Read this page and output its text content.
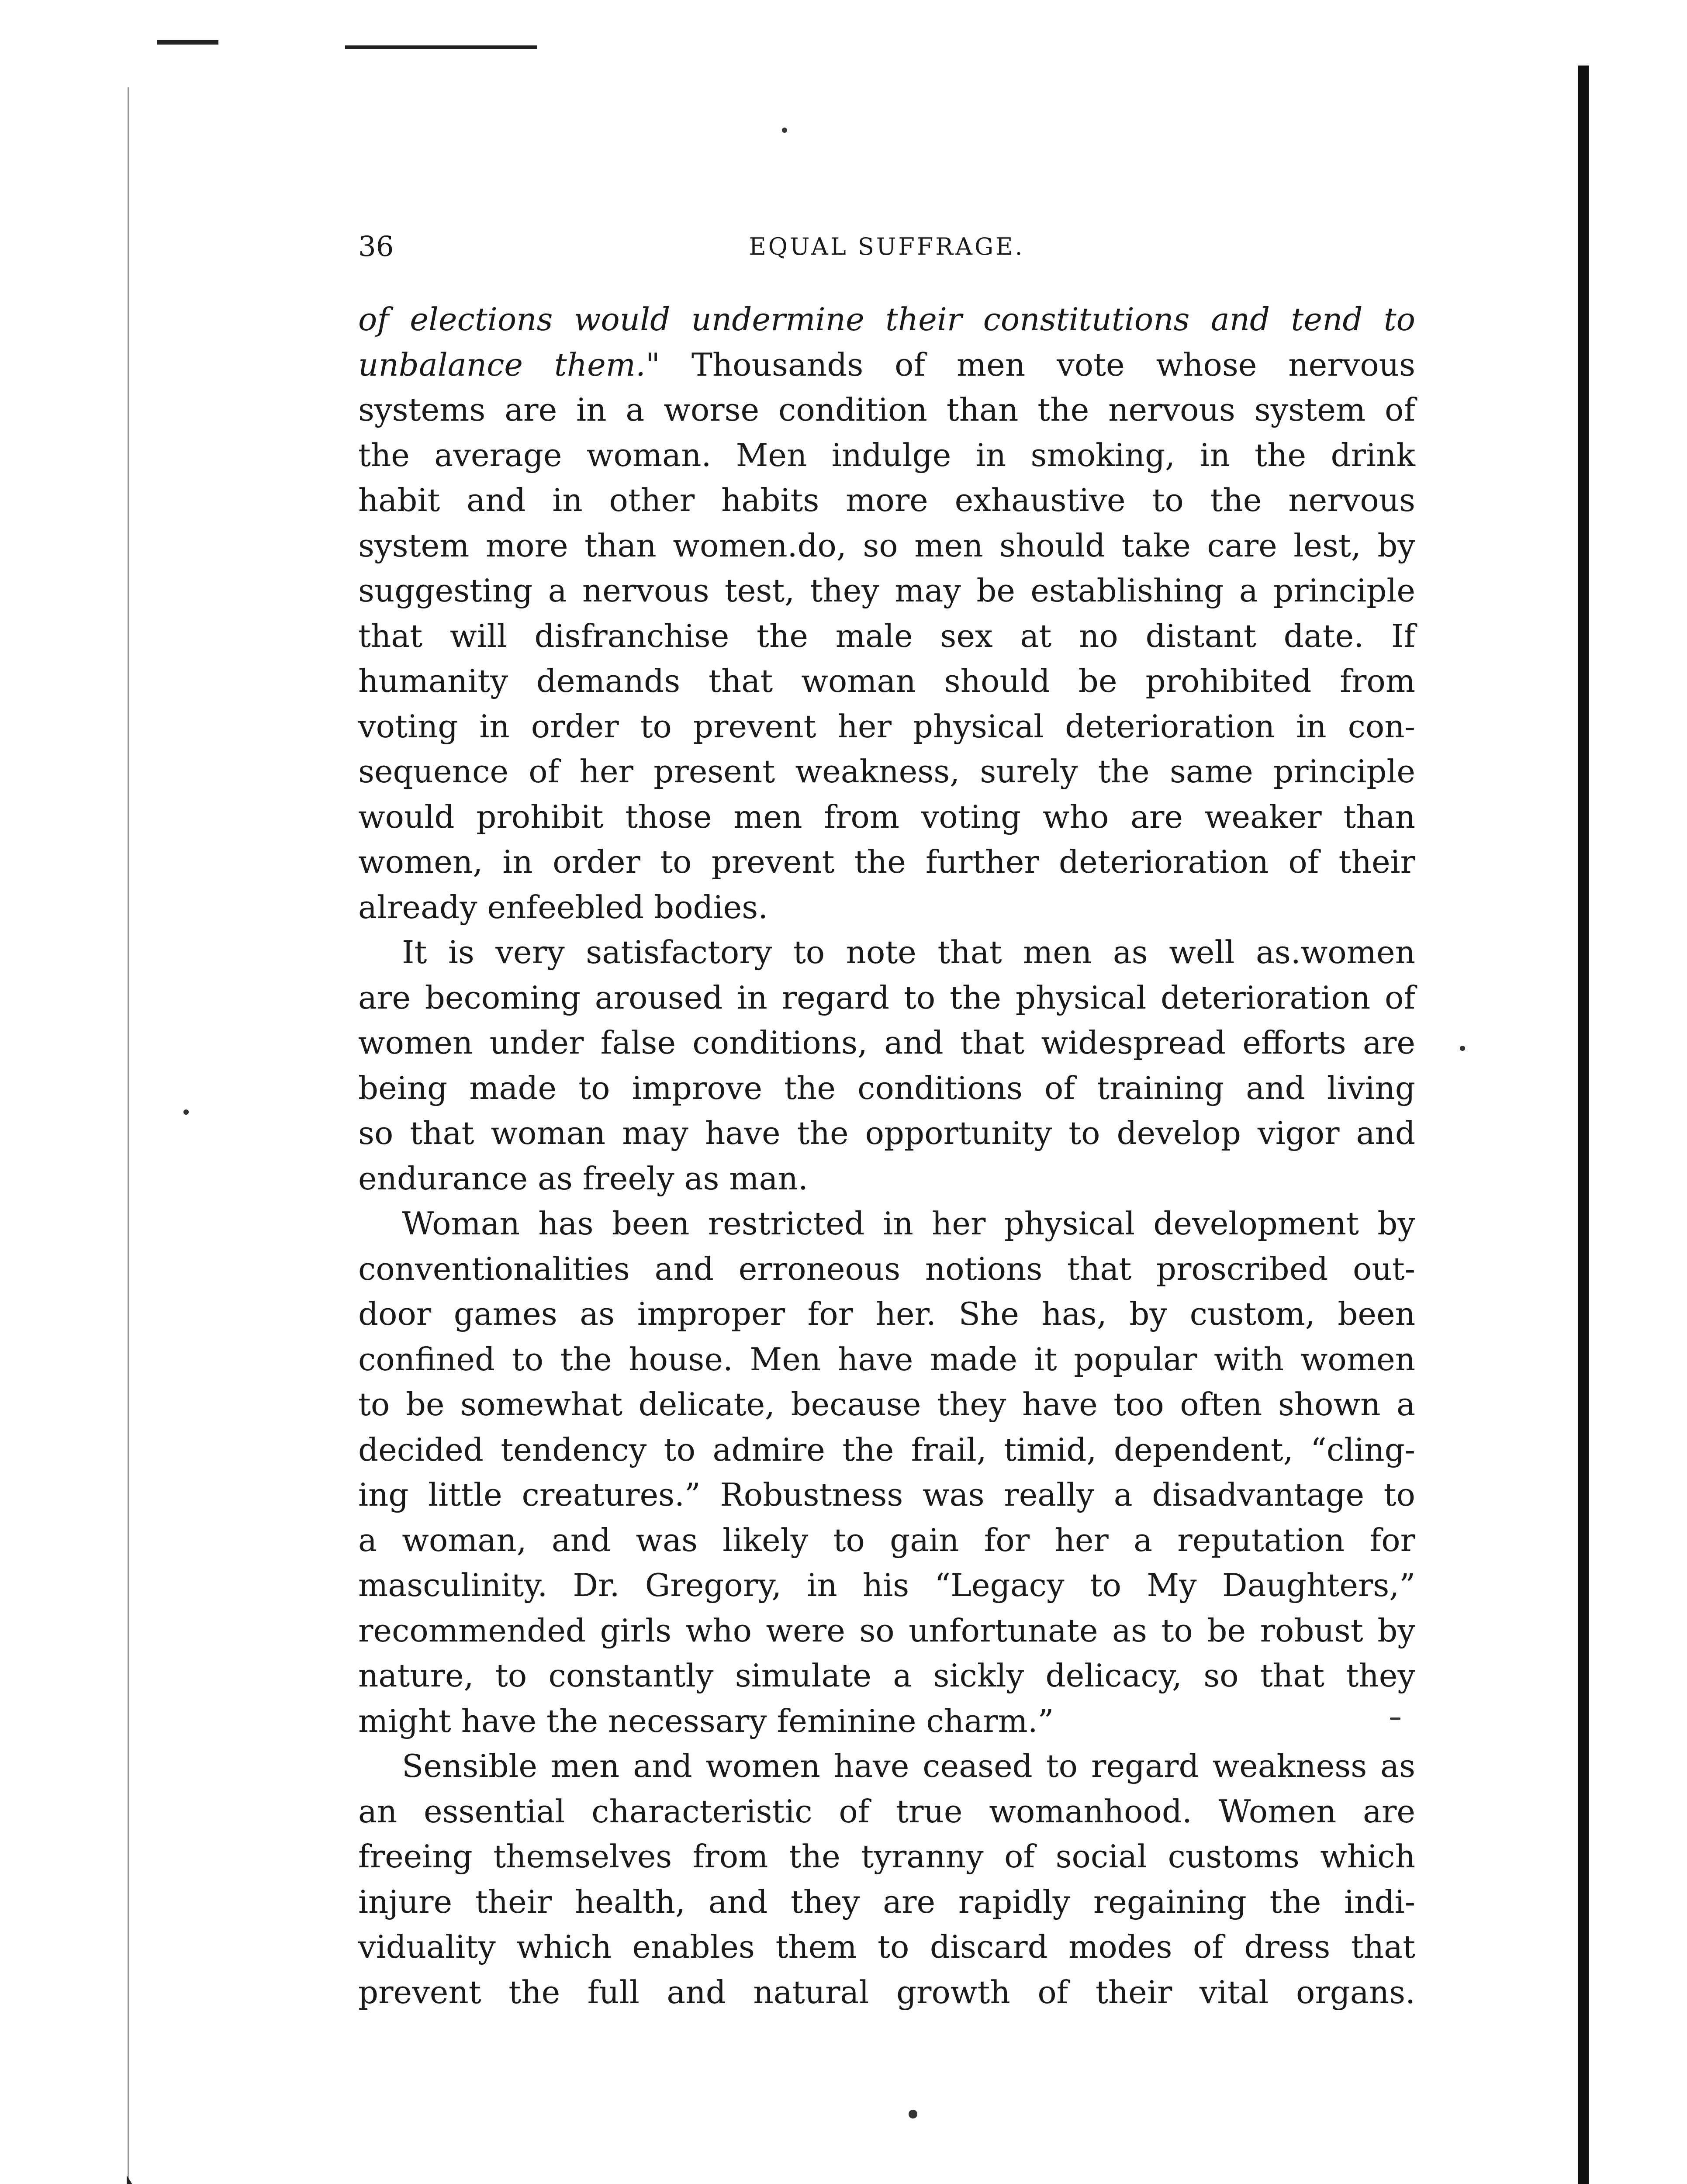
36	EQUAL SUFFRAGE.
of elections would undermine their constitutions and tend to
unbalance them." Thousands of men vote whose nervous
systems are in a worse condition than the nervous system of
the average woman. Men indulge in smoking, in the drink
habit and in other habits more exhaustive to the nervous
system more than women.do, so men should take care lest, by
suggesting a nervous test, they may be establishing a principle
that will disfranchise the male sex at no distant date. If
humanity demands that woman should be prohibited from
voting in order to prevent her physical deterioration in con-
sequence of her present weakness, surely the same principle
would prohibit those men from voting who are weaker than
women, in order to prevent the further deterioration of their
already enfeebled bodies.
It is very satisfactory to note that men as well as.women
are becoming aroused in regard to the physical deterioration of
women under false conditions, and that widespread efforts are
being made to improve the conditions of training and living
so that woman may have the opportunity to develop vigor and
endurance as freely as man.
Woman has been restricted in her physical development by
conventionalities and erroneous notions that proscribed out-
door games as improper for her. She has, by custom, been
confined to the house. Men have made it popular with women
to be somewhat delicate, because they have too often shown a
decided tendency to admire the frail, timid, dependent, “cling-
ing little creatures.” Robustness was really a disadvantage to
a woman, and was likely to gain for her a reputation for
masculinity. Dr. Gregory, in his “Legacy to My Daughters,”
recommended girls who were so unfortunate as to be robust by
nature, to constantly simulate a sickly delicacy, so that they
might have the necessary feminine charm.”
Sensible men and women have ceased to regard weakness as
an essential characteristic of true womanhood. Women are
freeing themselves from the tyranny of social customs which
injure their health, and they are rapidly regaining the indi-
viduality which enables them to discard modes of dress that
prevent the full and natural growth of their vital organs.
